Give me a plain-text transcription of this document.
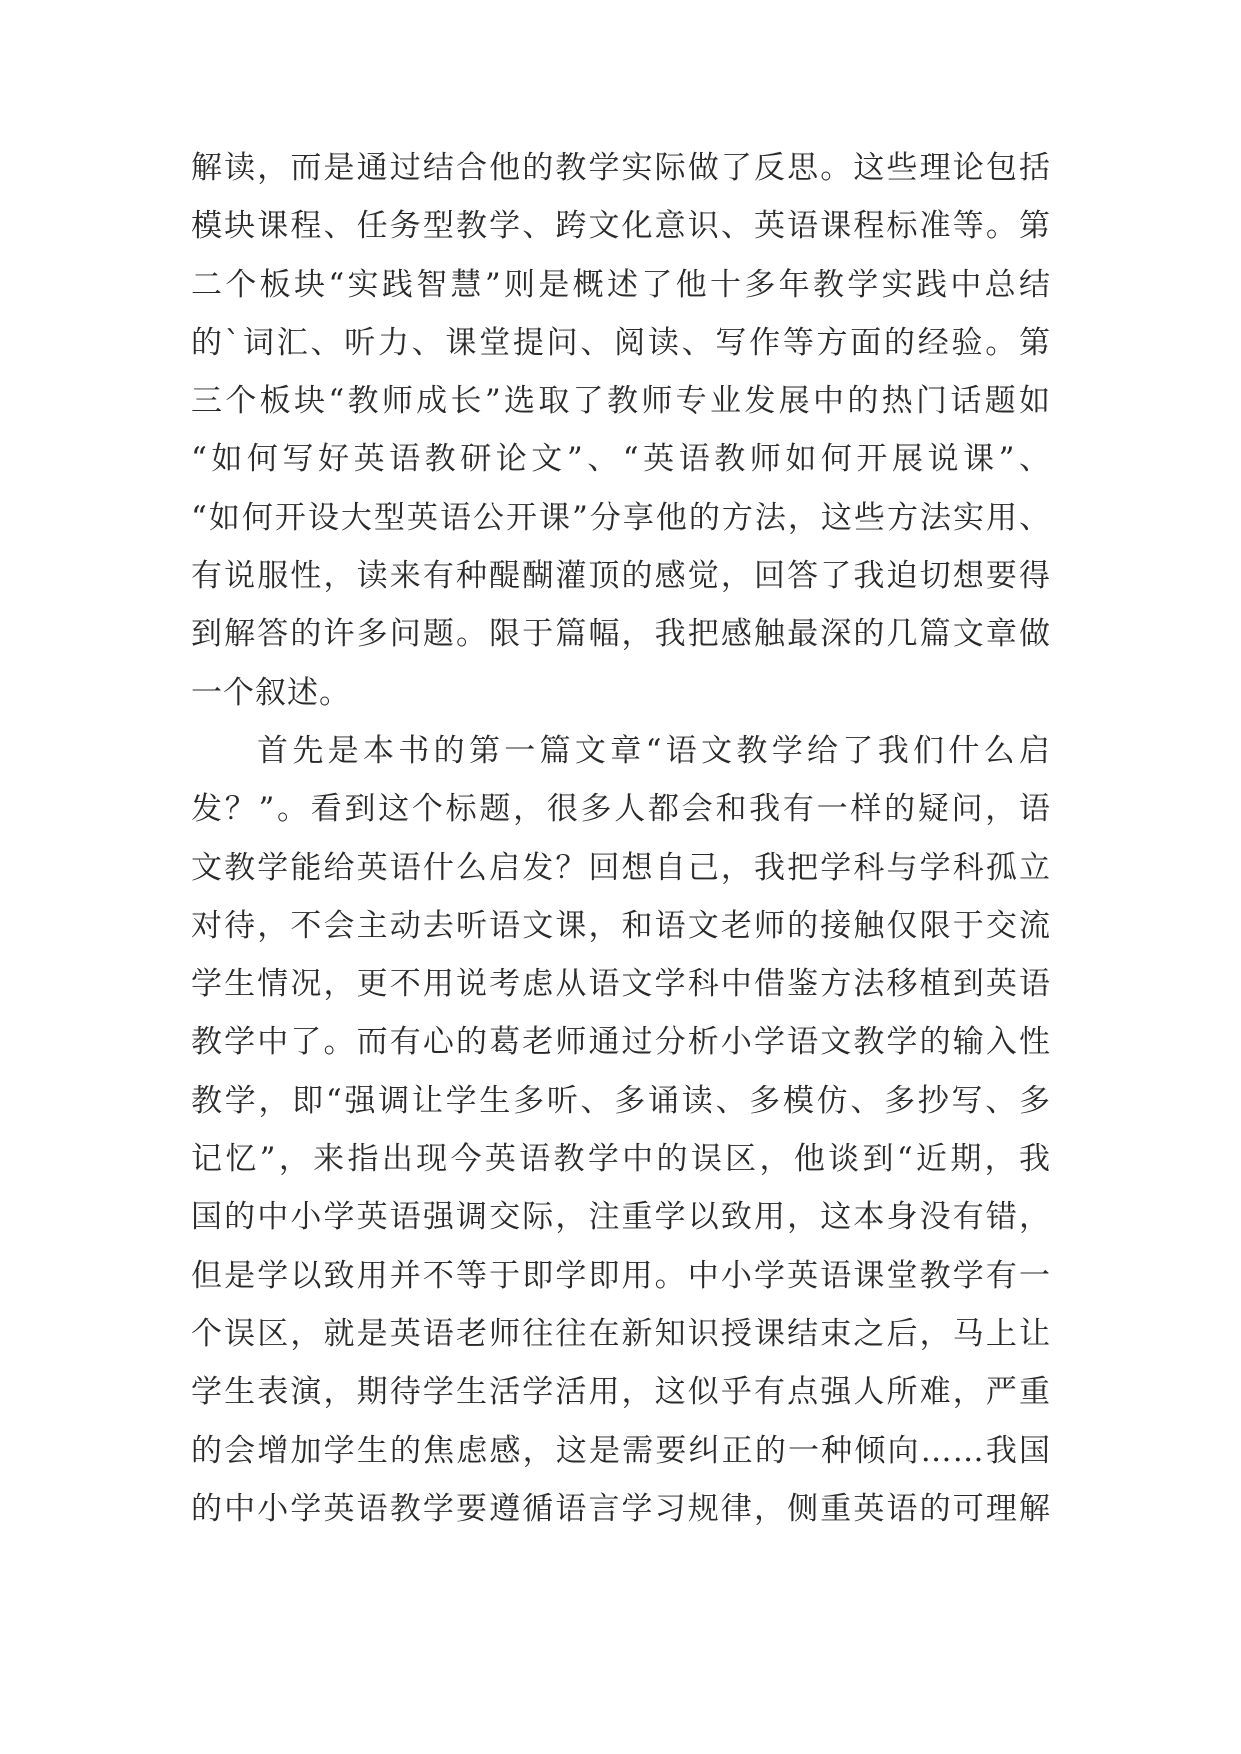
解读，而是通过结合他的教学实际做了反思。这些理论包括
模块课程、任务型教学、跨文化意识、英语课程标准等。第
二个板块“实践智慧”则是概述了他十多年教学实践中总结
的`词汇、听力、课堂提问、阅读、写作等方面的经验。第
三个板块“教师成长”选取了教师专业发展中的热门话题如
“如何写好英语教研论文”、“英语教师如何开展说课”、
“如何开设大型英语公开课”分享他的方法，这些方法实用、
有说服性，读来有种醍醐灌顶的感觉，回答了我迫切想要得
到解答的许多问题。限于篇幅，我把感触最深的几篇文章做
一个叙述。
首先是本书的第一篇文章“语文教学给了我们什么启
发？”。看到这个标题，很多人都会和我有一样的疑问，语
文教学能给英语什么启发？回想自己，我把学科与学科孤立
对待，不会主动去听语文课，和语文老师的接触仅限于交流
学生情况，更不用说考虑从语文学科中借鉴方法移植到英语
教学中了。而有心的葛老师通过分析小学语文教学的输入性
教学，即“强调让学生多听、多诵读、多模仿、多抄写、多
记忆”，来指出现今英语教学中的误区，他谈到“近期，我
国的中小学英语强调交际，注重学以致用，这本身没有错，
但是学以致用并不等于即学即用。中小学英语课堂教学有一
个误区，就是英语老师往往在新知识授课结束之后，马上让
学生表演，期待学生活学活用，这似乎有点强人所难，严重
的会增加学生的焦虑感，这是需要纠正的一种倾向……我国
的中小学英语教学要遵循语言学习规律，侧重英语的可理解
